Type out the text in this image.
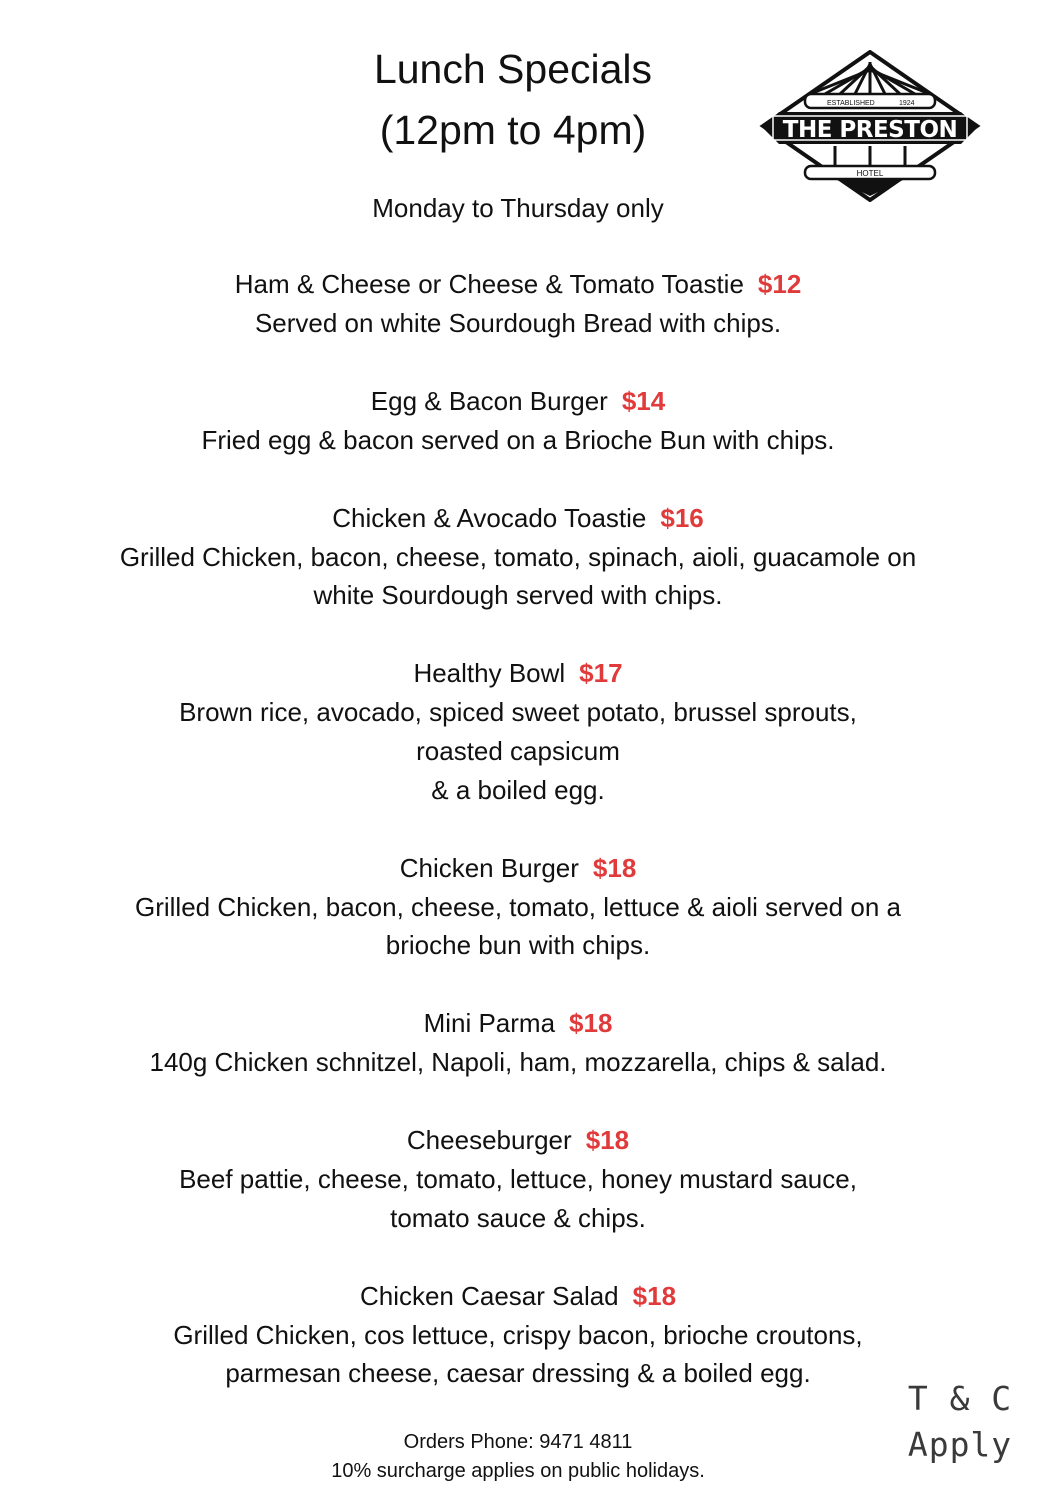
Lunch Specials
(12pm to 4pm)
Monday to Thursday only
ESTABLISHED	1924
THE PRESTON
HOTEL
Ham & Cheese or Cheese & Tomato Toastie $12
Served on white Sourdough Bread with chips.
Egg & Bacon Burger $14
Fried egg & bacon served on a Brioche Bun with chips.
Chicken & Avocado Toastie $16
Grilled Chicken, bacon, cheese, tomato, spinach, aioli, guacamole on
white Sourdough served with chips.
Healthy Bowl $17
Brown rice, avocado, spiced sweet potato, brussel sprouts,
roasted capsicum
& a boiled egg.
Chicken Burger $18
Grilled Chicken, bacon, cheese, tomato, lettuce & aioli served on a
brioche bun with chips.
Mini Parma $18
140g Chicken schnitzel, Napoli, ham, mozzarella, chips & salad.
Cheeseburger $18
Beef pattie, cheese, tomato, lettuce, honey mustard sauce,
tomato sauce & chips.
Chicken Caesar Salad $18
Grilled Chicken, cos lettuce, crispy bacon, brioche croutons,
parmesan cheese, caesar dressing & a boiled egg.
T & C
Apply
Orders Phone: 9471 4811
10% surcharge applies on public holidays.
